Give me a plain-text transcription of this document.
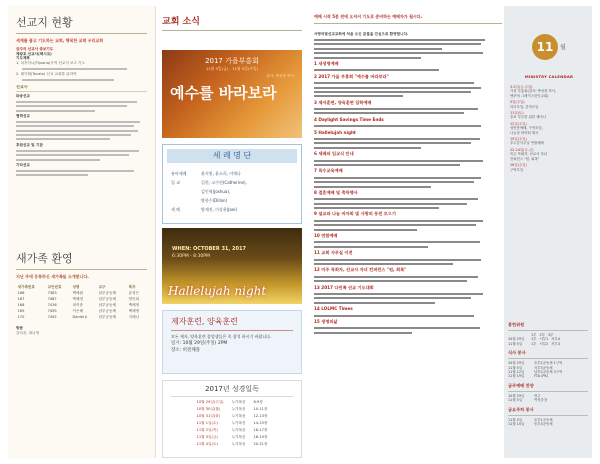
선교지 현황
세계를 품고 기도하는 교회, 행복한 교회 우리교회
금주의 선교사 중보기도
제왕호 선교사(멕시코)
기도제목
1. 치후아나(Tijuana)사역 선교지 보고 기도
2. 테카테(Tecate) 선교 교회를 위하여
선교사
파송선교
협력선교
후원선교 및 기관
기타선교
새가족 환영
지난 주에 등록하신 새가족들 소개합니다.
새가족번호	교인번호	성명	교구	목자
166	7383	백혜림	남부공동체	유영은
167	7487	백혜영	남부공동체	양인희
168	7416	최이중	남부공동체	백혜영
169	7495	이은혜	남부공동체	백혜영
170	7492	Daniel Ji	남부공동체	지혜나
방문
강의윤, 최나영
교회 소식
2017 가을부흥회
11월 3일(금) - 11월 5일(주일)
강사: 박선장 목사
예수를 바라보라
세 례 명 단
유아세례	윤지원, 윤소희, 이예나
입 교	길현, 고수빈(Catherine),
김인혁(Joshua),
방한수(Dillon)
세 례	방재진, 이상윤(Joel)
WHEN: OCTOBER 31, 2017
6:30PM - 8:30PM
Hallelujah night
제자훈련, 양육훈련
모든 제자, 양육훈련 졸업생들은 꼭 참석 하시기 바랍니다.
일시: 10월 29일(주일) 2PM
장소: 비전채플
2017년 성경일독
10월 29일(주일)	누가복음	8-9장
10월 30일(월)	누가복음	10-11장
10월 31일(화)	누가복음	12-13장
11월 1일(수)	누가복음	14-15장
11월 2일(목)	누가복음	16-17장
11월 3일(금)	누가복음	18-19장
11월 4일(토)	누가복음	20-21장
예배 시작 5분 전에 오셔서 기도로 준비하는 예배자가 됩시다.
사랑의빛선교교회에 처음 오신 분들을 진심으로 환영합니다.
1 새생명예배
2 2017 가을 부흥회 "예수를 바라보라"
3 제자훈련, 양육훈련 입학예배
4 Daylight Savings Time Ends
5 Hallelujah night
6 세례와 입교식 안내
7 특수교육예배
8 결혼예배 및 축하행사
9 설교와 나눔 바자회 및 사랑의 동전 모으기
10 연합예배
11 교회 사무실 이전
12 미주 목회자, 선교사 자녀 컨퍼런스 "원, 회복"
13 2017 다민족 선교 기도대회
14 LOLMC Times
15 생명의삶
11	월
MINISTRY CALENDAR
3-5일(금-주일)
가을 부흥회(강사: 박선장 목사,
벤쿠버 그레이스한인교회)
5일(주일)
리더모임, 중직모임
11일(토)
중보 부부를 위한 세미나
12일(주일)
성만찬예배, 구역모임,
나눔과 바자회 행사
19일(주일)
추수감사주일 연합예배
22-24일(수-금)
미주 목회자, 선교사 자녀
컨퍼런스 "원, 회복"
26일(주일)
구역모임
봉헌위원
1부 2부 3부
10월 29일	1부 서부1 서부4
11월 5일	1부 서부2 서부3
식사 봉사
10월 29일	동부2공동체 1구역
11월 5일	서부3공동체
11월 12일	남부2공동체 3구역
11월 19일	FTA (PK)
금주예배 찬양
10월 29일	연주
11월 5일	여성중창
금요주차 봉사
11월 3일	동부1공동체
11월 10일	동부3공동체
